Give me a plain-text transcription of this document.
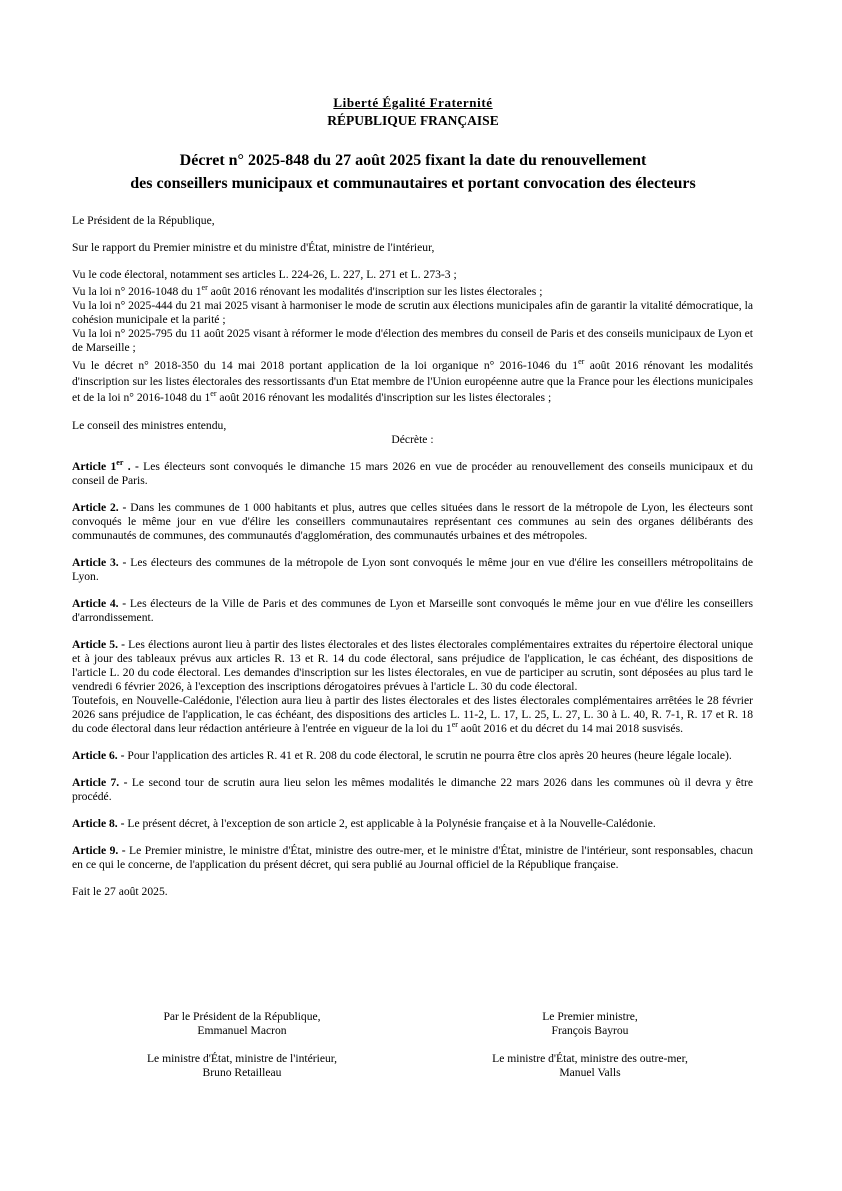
Liberté Égalité Fraternité
RÉPUBLIQUE FRANÇAISE
Décret n° 2025-848 du 27 août 2025 fixant la date du renouvellement
des conseillers municipaux et communautaires et portant convocation des électeurs

Le Président de la République,

Sur le rapport du Premier ministre et du ministre d'État, ministre de l'intérieur,

Vu le code électoral, notamment ses articles L. 224-26, L. 227, L. 271 et L. 273-3 ;

Vu la loi n° 2016-1048 du 1er août 2016 rénovant les modalités d'inscription sur les listes électorales ;

Vu la loi n° 2025-444 du 21 mai 2025 visant à harmoniser le mode de scrutin aux élections municipales afin de garantir la vitalité démocratique, la cohésion municipale et la parité ;

Vu la loi n° 2025-795 du 11 août 2025 visant à réformer le mode d'élection des membres du conseil de Paris et des conseils municipaux de Lyon et de Marseille ;

Vu le décret n° 2018-350 du 14 mai 2018 portant application de la loi organique n° 2016-1046 du 1er août 2016 rénovant les modalités d'inscription sur les listes électorales des ressortissants d'un Etat membre de l'Union européenne autre que la France pour les élections municipales et de la loi n° 2016-1048 du 1er août 2016 rénovant les modalités d'inscription sur les listes électorales ;

Le conseil des ministres entendu,

Décrète :

Article 1er . - Les électeurs sont convoqués le dimanche 15 mars 2026 en vue de procéder au renouvellement des conseils municipaux et du conseil de Paris.

Article 2. - Dans les communes de 1 000 habitants et plus, autres que celles situées dans le ressort de la métropole de Lyon, les électeurs sont convoqués le même jour en vue d'élire les conseillers communautaires représentant ces communes au sein des organes délibérants des communautés de communes, des communautés d'agglomération, des communautés urbaines et des métropoles.

Article 3. - Les électeurs des communes de la métropole de Lyon sont convoqués le même jour en vue d'élire les conseillers métropolitains de Lyon.

Article 4. - Les électeurs de la Ville de Paris et des communes de Lyon et Marseille sont convoqués le même jour en vue d'élire les conseillers d'arrondissement.

Article 5. - Les élections auront lieu à partir des listes électorales et des listes électorales complémentaires extraites du répertoire électoral unique et à jour des tableaux prévus aux articles R. 13 et R. 14 du code électoral, sans préjudice de l'application, le cas échéant, des dispositions de l'article L. 20 du code électoral. Les demandes d'inscription sur les listes électorales, en vue de participer au scrutin, sont déposées au plus tard le vendredi 6 février 2026, à l'exception des inscriptions dérogatoires prévues à l'article L. 30 du code électoral.

Toutefois, en Nouvelle-Calédonie, l'élection aura lieu à partir des listes électorales et des listes électorales complémentaires arrêtées le 28 février 2026 sans préjudice de l'application, le cas échéant, des dispositions des articles L. 11-2, L. 17, L. 25, L. 27, L. 30 à L. 40, R. 7-1, R. 17 et R. 18 du code électoral dans leur rédaction antérieure à l'entrée en vigueur de la loi du 1er août 2016 et du décret du 14 mai 2018 susvisés.

Article 6. - Pour l'application des articles R. 41 et R. 208 du code électoral, le scrutin ne pourra être clos après 20 heures (heure légale locale).

Article 7. - Le second tour de scrutin aura lieu selon les mêmes modalités le dimanche 22 mars 2026 dans les communes où il devra y être procédé.

Article 8. - Le présent décret, à l'exception de son article 2, est applicable à la Polynésie française et à la Nouvelle-Calédonie.

Article 9. - Le Premier ministre, le ministre d'État, ministre des outre-mer, et le ministre d'État, ministre de l'intérieur, sont responsables, chacun en ce qui le concerne, de l'application du présent décret, qui sera publié au Journal officiel de la République française.

Fait le 27 août 2025.

Par le Président de la République,
Emmanuel Macron
Le Premier ministre,
François Bayrou
Le ministre d'État, ministre de l'intérieur,
Bruno Retailleau
Le ministre d'État, ministre des outre-mer,
Manuel Valls
